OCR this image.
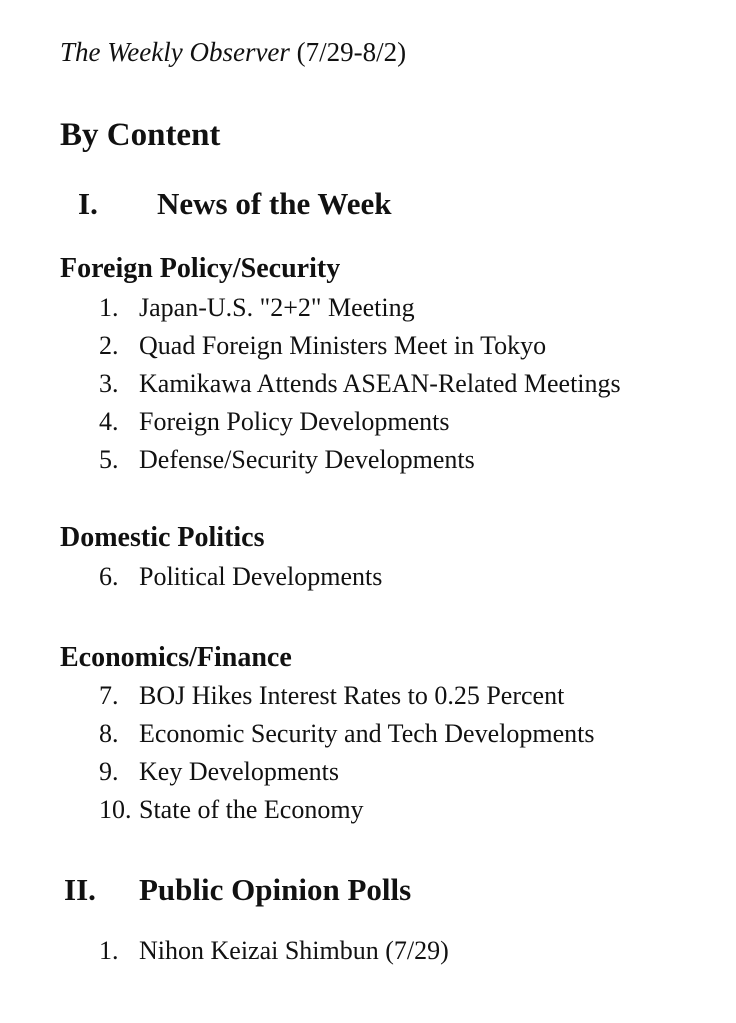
The Weekly Observer (7/29-8/2)
By Content
I. News of the Week
Foreign Policy/Security
1. Japan-U.S. "2+2" Meeting
2. Quad Foreign Ministers Meet in Tokyo
3. Kamikawa Attends ASEAN-Related Meetings
4. Foreign Policy Developments
5. Defense/Security Developments
Domestic Politics
6. Political Developments
Economics/Finance
7. BOJ Hikes Interest Rates to 0.25 Percent
8. Economic Security and Tech Developments
9. Key Developments
10. State of the Economy
II. Public Opinion Polls
1. Nihon Keizai Shimbun (7/29)
